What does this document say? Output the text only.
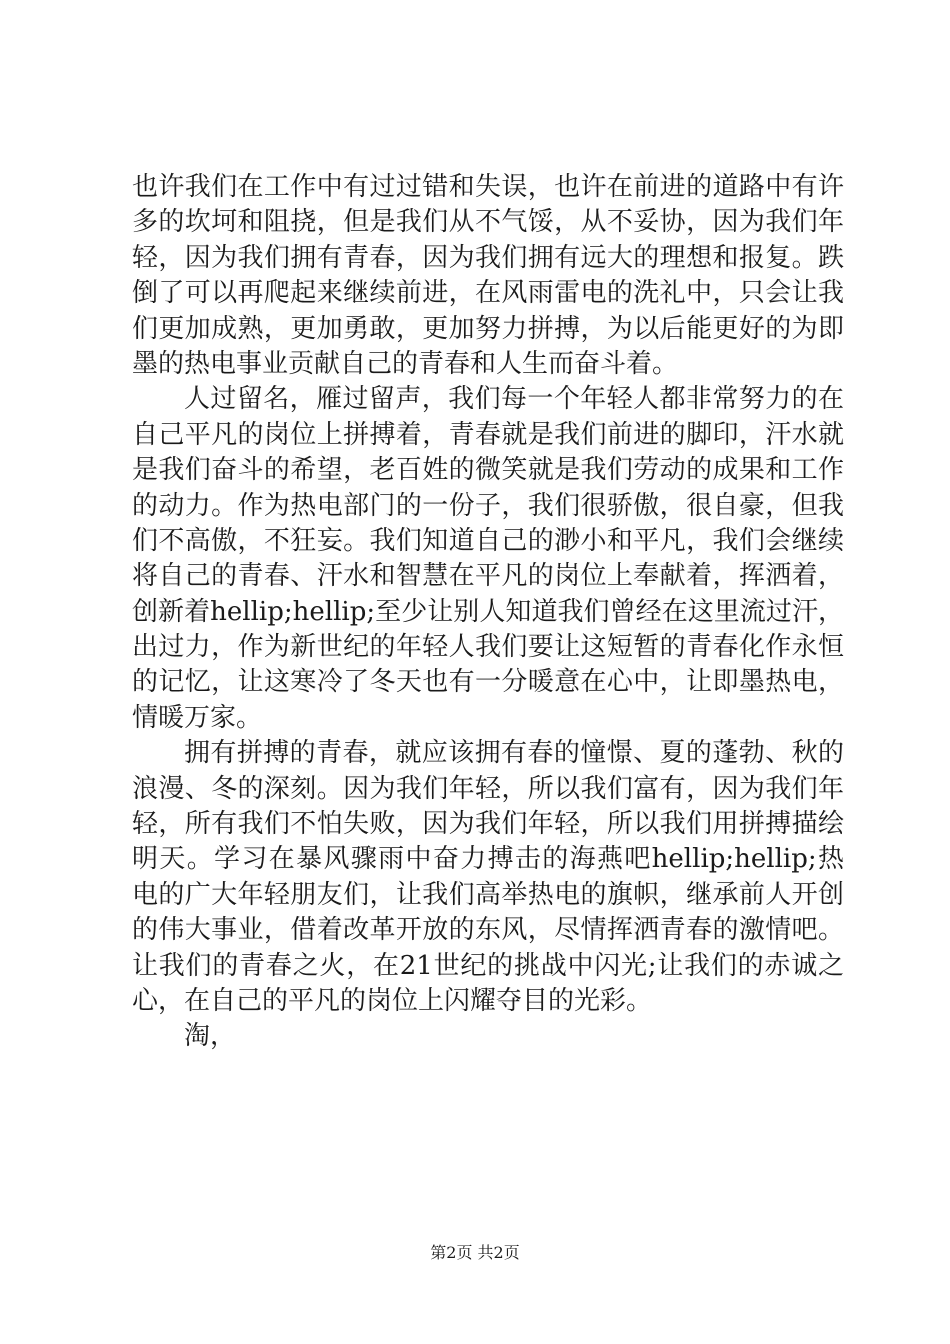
也许我们在工作中有过过错和失误，也许在前进的道路中有许
多的坎坷和阻挠，但是我们从不气馁，从不妥协，因为我们年
轻，因为我们拥有青春，因为我们拥有远大的理想和报复。跌
倒了可以再爬起来继续前进，在风雨雷电的洗礼中，只会让我
们更加成熟，更加勇敢，更加努力拼搏，为以后能更好的为即
墨的热电事业贡献自己的青春和人生而奋斗着。
人过留名，雁过留声，我们每一个年轻人都非常努力的在
自己平凡的岗位上拼搏着，青春就是我们前进的脚印，汗水就
是我们奋斗的希望，老百姓的微笑就是我们劳动的成果和工作
的动力。作为热电部门的一份子，我们很骄傲，很自豪，但我
们不高傲，不狂妄。我们知道自己的渺小和平凡，我们会继续
将自己的青春、汗水和智慧在平凡的岗位上奉献着，挥洒着，
创新着hellip;hellip;至少让别人知道我们曾经在这里流过汗，
出过力，作为新世纪的年轻人我们要让这短暂的青春化作永恒
的记忆，让这寒冷了冬天也有一分暖意在心中，让即墨热电，
情暖万家。
拥有拼搏的青春，就应该拥有春的憧憬、夏的蓬勃、秋的
浪漫、冬的深刻。因为我们年轻，所以我们富有，因为我们年
轻，所有我们不怕失败，因为我们年轻，所以我们用拼搏描绘
明天。学习在暴风骤雨中奋力搏击的海燕吧hellip;hellip;热
电的广大年轻朋友们，让我们高举热电的旗帜，继承前人开创
的伟大事业，借着改革开放的东风，尽情挥洒青春的激情吧。
让我们的青春之火，在21世纪的挑战中闪光;让我们的赤诚之
心，在自己的平凡的岗位上闪耀夺目的光彩。
淘，
第2页 共2页
